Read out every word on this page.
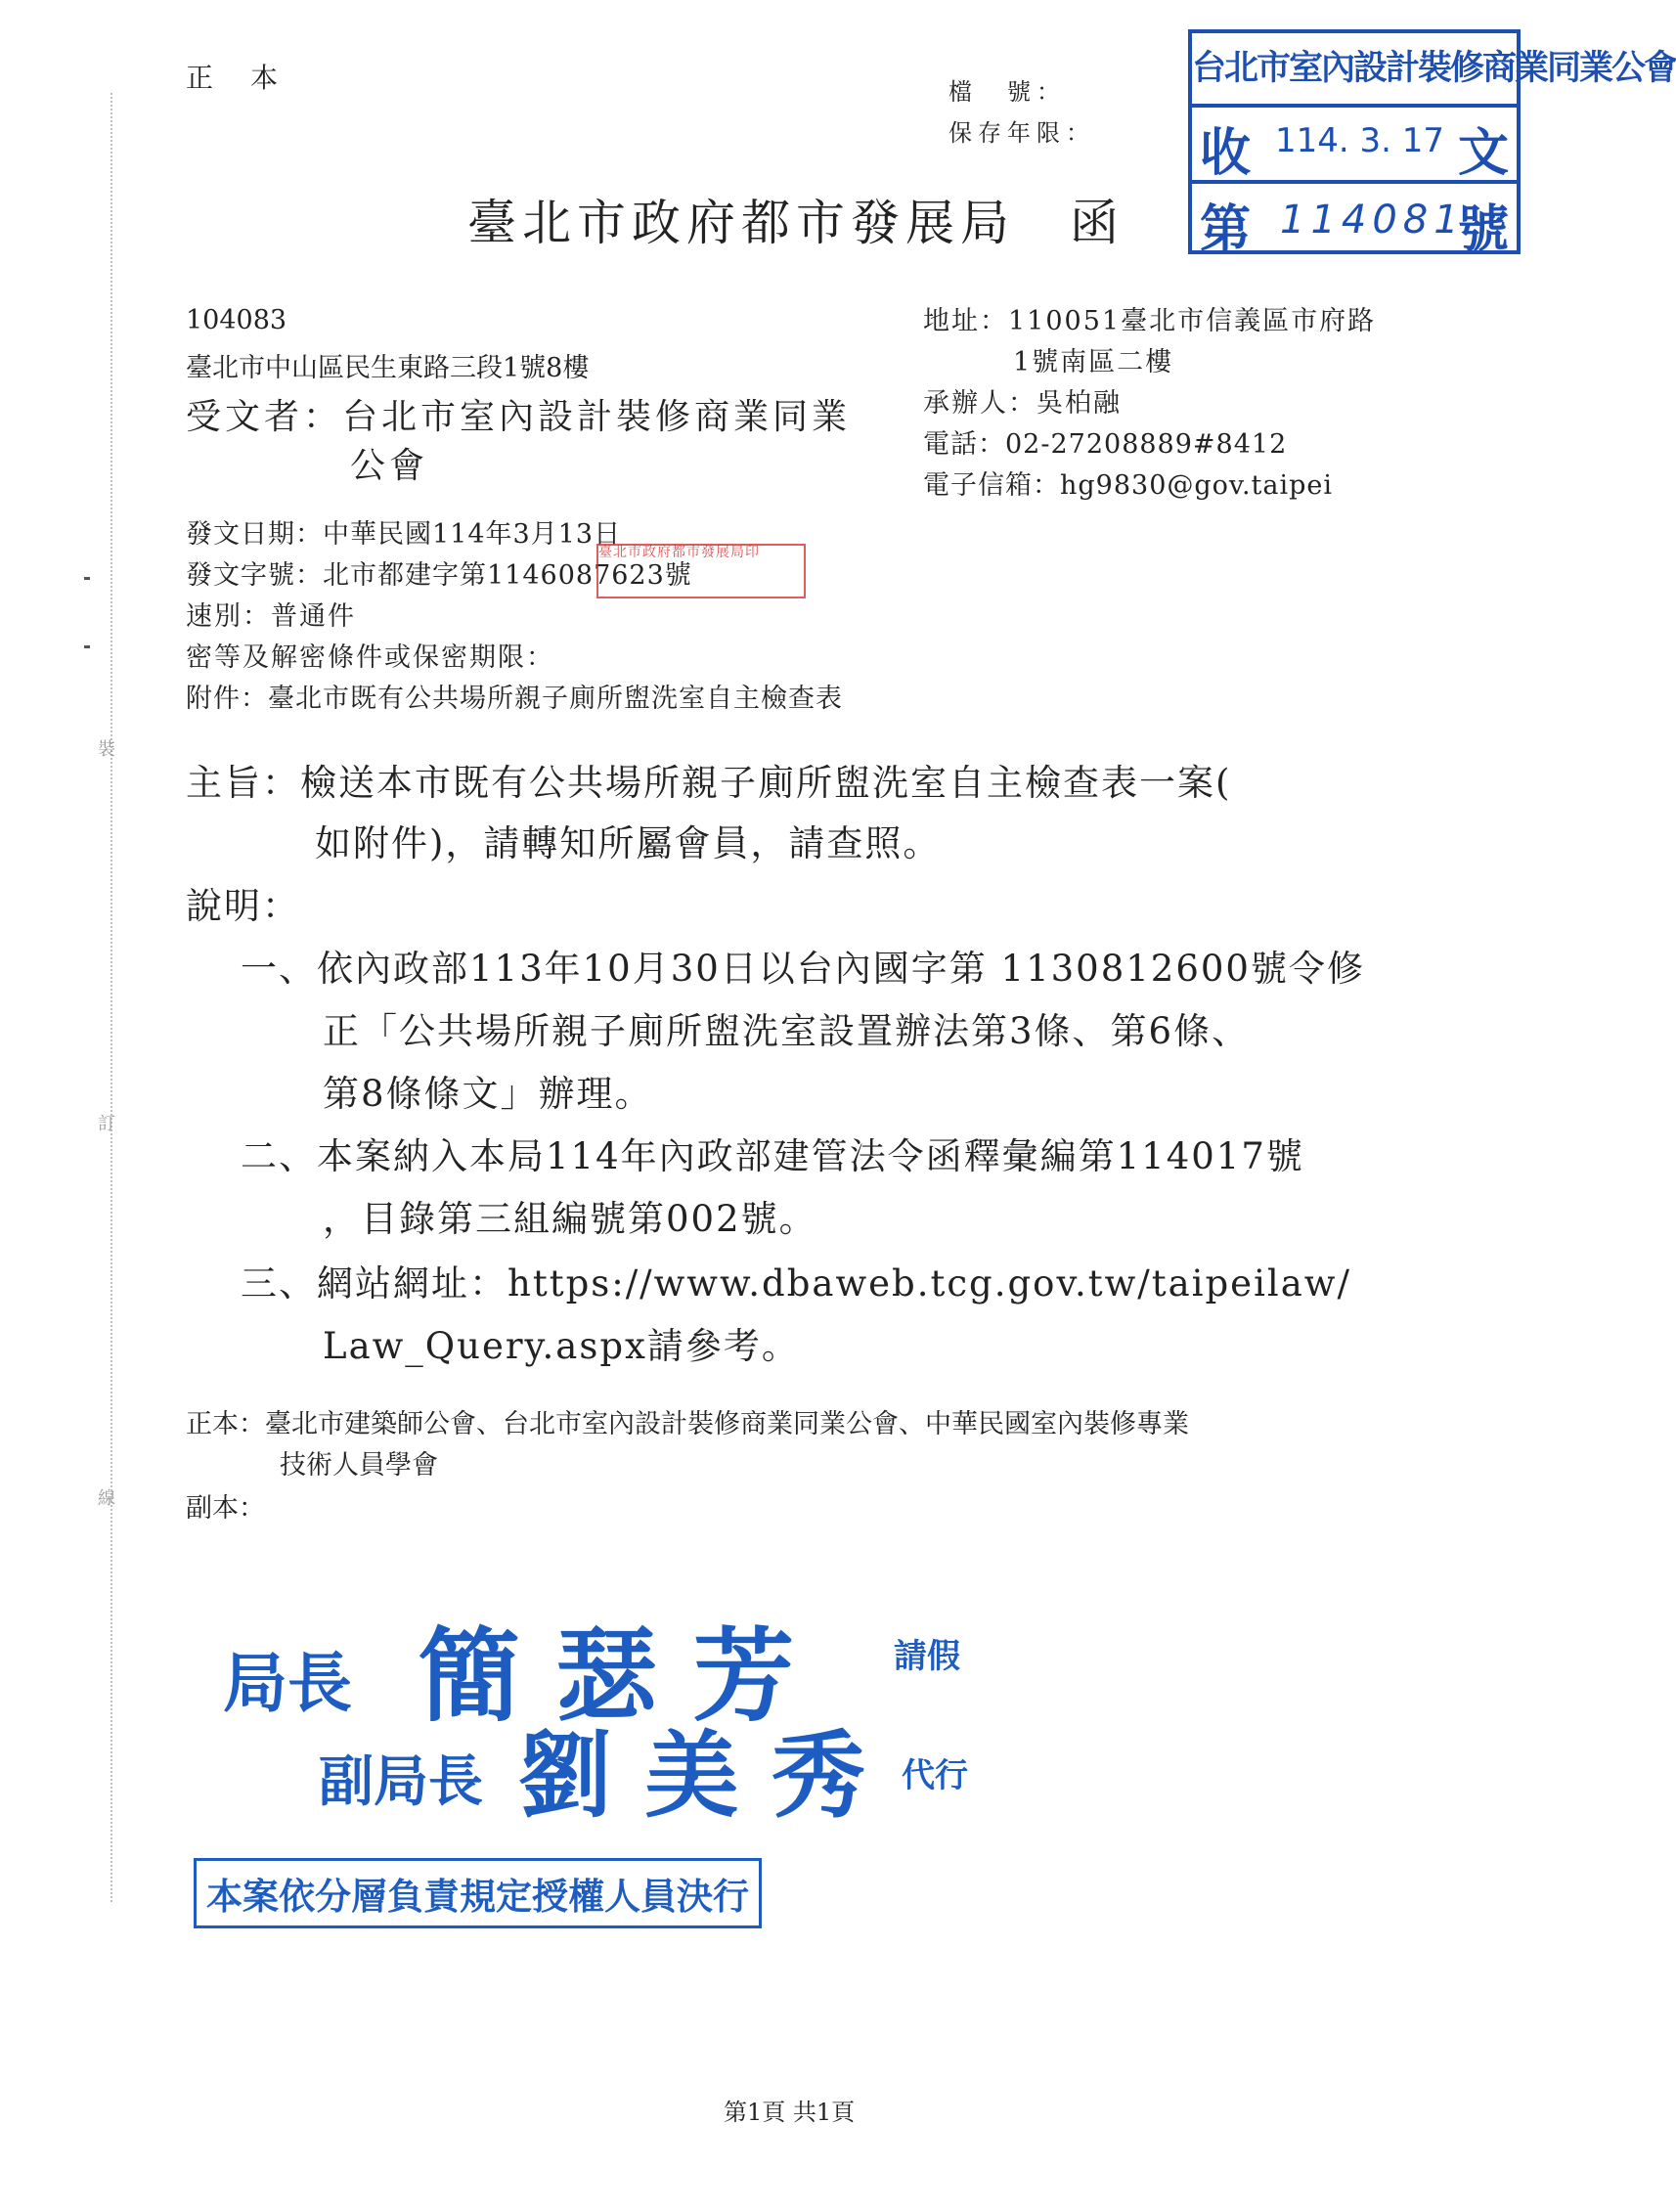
裝
訂
線
正本	檔　號：
保存年限：
臺北市政府都市發展局　函
台北市室內設計裝修商業同業公會
收 114. 3. 17 文
第 114081
號
104083
臺北市中山區民生東路三段1號8樓
受文者：台北市室內設計裝修商業同業
公會
地址：110051臺北市信義區市府路
1號南區二樓
承辦人：吳柏融
電話：02-27208889#8412
電子信箱：hg9830@gov.taipei
發文日期：中華民國114年3月13日
發文字號：北市都建字第1146087623號
速別：普通件
密等及解密條件或保密期限：
附件：臺北市既有公共場所親子廁所盥洗室自主檢查表
臺北市政府都市發展局印
主旨：檢送本市既有公共場所親子廁所盥洗室自主檢查表一案(
如附件)，請轉知所屬會員，請查照。
說明：
一、依內政部113年10月30日以台內國字第 1130812600號令修
正「公共場所親子廁所盥洗室設置辦法第3條、第6條、
第8條條文」辦理。
二、本案納入本局114年內政部建管法令函釋彙編第114017號
，目錄第三組編號第002號。
三、網站網址：https://www.dbaweb.tcg.gov.tw/taipeilaw/
Law_Query.aspx請參考。
正本：臺北市建築師公會、台北市室內設計裝修商業同業公會、中華民國室內裝修專業
技術人員學會
副本：
局長 簡 瑟 芳	請假
副局長 劉 美 秀 代行
本案依分層負責規定授權人員決行
第1頁 共1頁
